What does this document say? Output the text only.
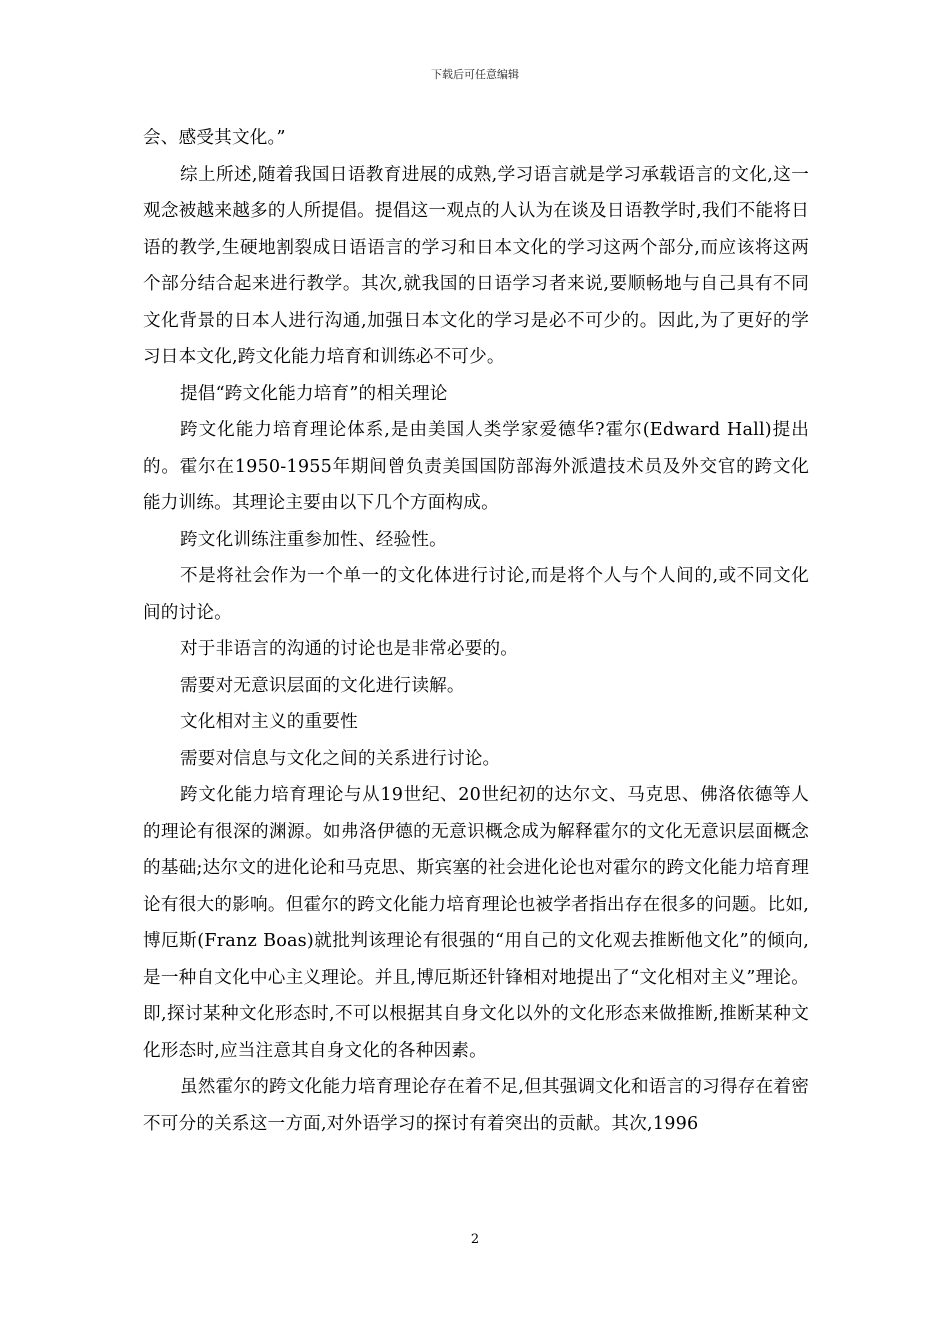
下载后可任意编辑

会、感受其文化。”

综上所述,随着我国日语教育进展的成熟,学习语言就是学习承载语言的文化,这一观念被越来越多的人所提倡。提倡这一观点的人认为在谈及日语教学时,我们不能将日语的教学,生硬地割裂成日语语言的学习和日本文化的学习这两个部分,而应该将这两个部分结合起来进行教学。其次,就我国的日语学习者来说,要顺畅地与自己具有不同文化背景的日本人进行沟通,加强日本文化的学习是必不可少的。因此,为了更好的学习日本文化,跨文化能力培育和训练必不可少。

提倡“跨文化能力培育”的相关理论

跨文化能力培育理论体系,是由美国人类学家爱德华?霍尔(Edward Hall)提出的。霍尔在1950-1955年期间曾负责美国国防部海外派遣技术员及外交官的跨文化能力训练。其理论主要由以下几个方面构成。

跨文化训练注重参加性、经验性。

不是将社会作为一个单一的文化体进行讨论,而是将个人与个人间的,或不同文化间的讨论。

对于非语言的沟通的讨论也是非常必要的。

需要对无意识层面的文化进行读解。

文化相对主义的重要性

需要对信息与文化之间的关系进行讨论。

跨文化能力培育理论与从19世纪、20世纪初的达尔文、马克思、佛洛依德等人的理论有很深的渊源。如弗洛伊德的无意识概念成为解释霍尔的文化无意识层面概念的基础;达尔文的进化论和马克思、斯宾塞的社会进化论也对霍尔的跨文化能力培育理论有很大的影响。但霍尔的跨文化能力培育理论也被学者指出存在很多的问题。比如,博厄斯(Franz Boas)就批判该理论有很强的“用自己的文化观去推断他文化”的倾向,是一种自文化中心主义理论。并且,博厄斯还针锋相对地提出了“文化相对主义”理论。即,探讨某种文化形态时,不可以根据其自身文化以外的文化形态来做推断,推断某种文化形态时,应当注意其自身文化的各种因素。

虽然霍尔的跨文化能力培育理论存在着不足,但其强调文化和语言的习得存在着密不可分的关系这一方面,对外语学习的探讨有着突出的贡献。其次,1996

2
